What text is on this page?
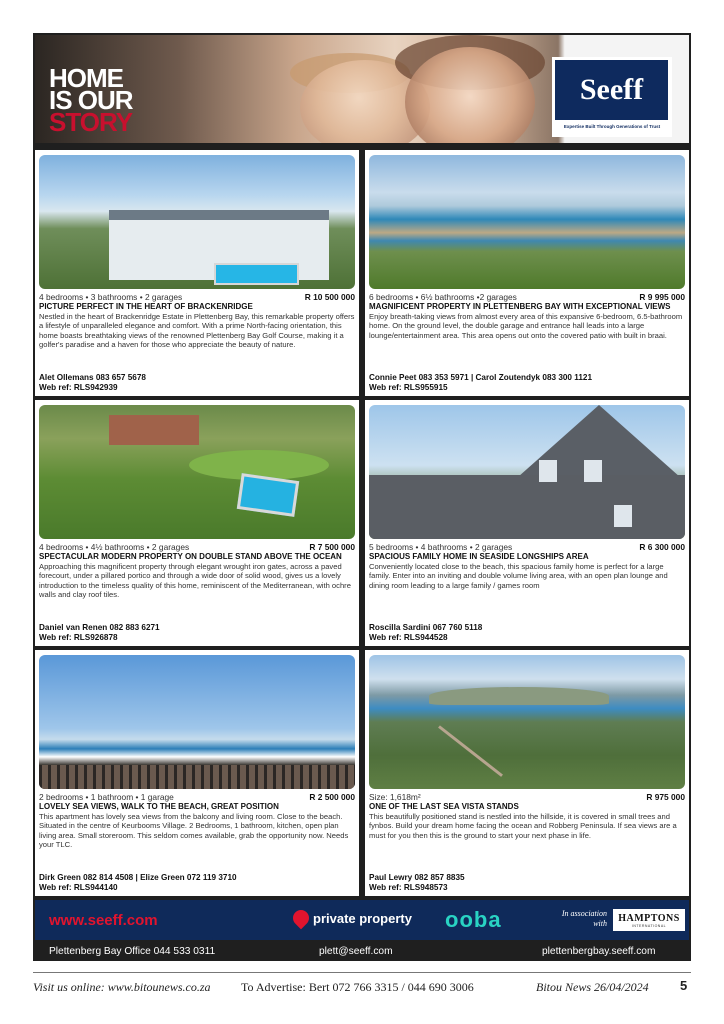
HOME
IS OUR
STORY
Seeff
Expertise Built Through Generations of Trust
4 bedrooms • 3 bathrooms • 2 garages	R 10 500 000
PICTURE PERFECT IN THE HEART OF BRACKENRIDGE
Nestled in the heart of Brackenridge Estate in Plettenberg Bay, this remarkable property offers a lifestyle of unparalleled elegance and comfort. With a prime North-facing orientation, this home boasts breathtaking views of the renowned Plettenberg Bay Golf Course, making it a golfer's paradise and a haven for those who appreciate the beauty of nature.
Alet Ollemans 083 657 5678
Web ref: RLS942939
6 bedrooms • 6½ bathrooms •2 garages	R 9 995 000
MAGNIFICENT PROPERTY IN PLETTENBERG BAY WITH EXCEPTIONAL VIEWS
Enjoy breath-taking views from almost every area of this expansive 6-bedroom, 6.5-bathroom home. On the ground level, the double garage and entrance hall leads into a large lounge/entertainment area. This area opens out onto the covered patio with built in braai.
Connie Peet 083 353 5971 | Carol Zoutendyk 083 300 1121
Web ref: RLS955915
4 bedrooms • 4½ bathrooms • 2 garages	R 7 500 000
SPECTACULAR MODERN PROPERTY ON DOUBLE STAND ABOVE THE OCEAN
Approaching this magnificent property through elegant wrought iron gates, across a paved forecourt, under a pillared portico and through a wide door of solid wood, gives us a lovely introduction to the timeless quality of this home, reminiscent of the Mediterranean, with ochre walls and clay roof tiles.
Daniel van Renen 082 883 6271
Web ref: RLS926878
5 bedrooms • 4 bathrooms • 2 garages	R 6 300 000
SPACIOUS FAMILY HOME IN SEASIDE LONGSHIPS AREA
Conveniently located close to the beach, this spacious family home is perfect for a large family. Enter into an inviting and double volume living area, with an open plan lounge and dining room leading to a large family / games room
Roscilla Sardini 067 760 5118
Web ref: RLS944528
2 bedrooms • 1 bathroom • 1 garage	R 2 500 000
LOVELY SEA VIEWS, WALK TO THE BEACH, GREAT POSITION
This apartment has lovely sea views from the balcony and living room. Close to the beach. Situated in the centre of Keurbooms Village. 2 Bedrooms, 1 bathroom, kitchen, open plan living area. Small storeroom. This seldom comes available, grab the opportunity now. Needs your TLC.
Dirk Green 082 814 4508 | Elize Green 072 119 3710
Web ref: RLS944140
Size: 1,618m²	R 975 000
ONE OF THE LAST SEA VISTA STANDS
This beautifully positioned stand is nestled into the hillside, it is covered in small trees and fynbos. Build your dream home facing the ocean and Robberg Peninsula. If sea views are a must for you then this is the ground to start your next phase in life.
Paul Lewry 082 857 8835
Web ref: RLS948573
www.seeff.com	private property ooba	In association with HAMPTONS
INTERNATIONAL
Plettenberg Bay Office 044 533 0311	plett@seeff.com	plettenbergbay.seeff.com
Visit us online: www.bitounews.co.za	To Advertise: Bert 072 766 3315 / 044 690 3006	Bitou News 26/04/2024 5
